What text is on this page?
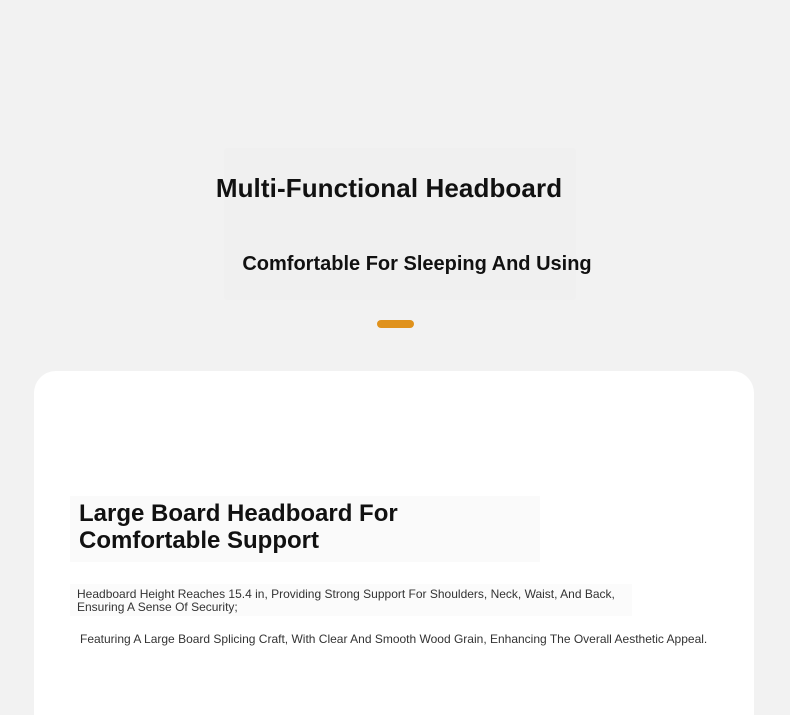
Multi-Functional Headboard
Comfortable For Sleeping And Using
Large Board Headboard For
Comfortable Support

Headboard Height Reaches 15.4 in, Providing Strong Support For Shoulders, Neck, Waist, And Back,
Ensuring A Sense Of Security;

Featuring A Large Board Splicing Craft, With Clear And Smooth Wood Grain, Enhancing The Overall Aesthetic Appeal.
